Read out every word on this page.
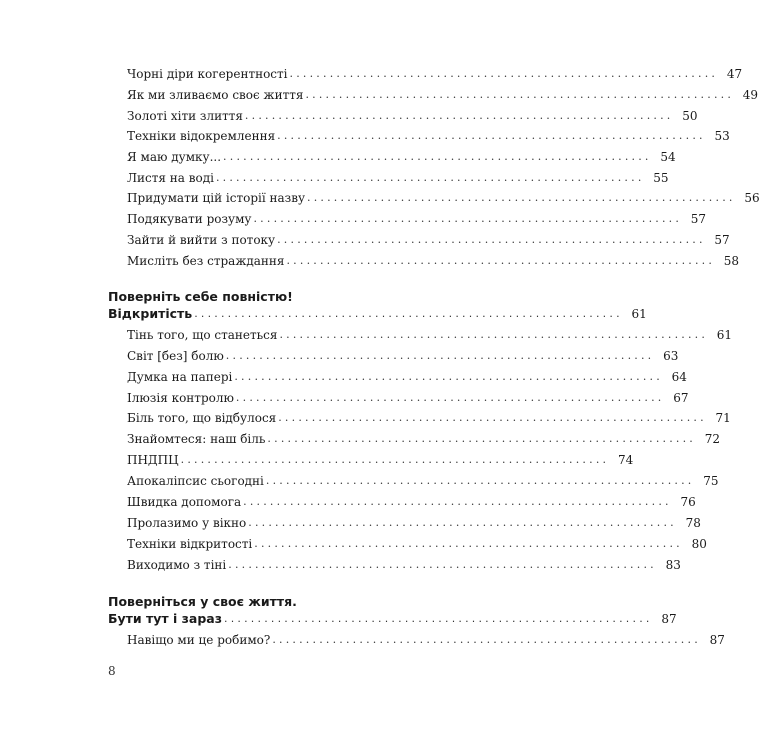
Чорні діри когерентності ................................................................ 47
Як ми зливаємо своє життя ................................................................ 49
Золоті хіти злиття ................................................................ 50
Техніки відокремлення ................................................................ 53
Я маю думку... ................................................................ 54
Листя на воді ................................................................ 55
Придумати цій історії назву ................................................................ 56
Подякувати розуму ................................................................ 57
Зайти й вийти з потоку ................................................................ 57
Мисліть без страждання ................................................................ 58
Поверніть себе повністю!
Відкритість ................................................................ 61
Тінь того, що станеться ................................................................ 61
Світ [без] болю ................................................................ 63
Думка на папері ................................................................ 64
Ілюзія контролю ................................................................ 67
Біль того, що відбулося ................................................................ 71
Знайомтеся: наш біль ................................................................ 72
ПНДПЦ ................................................................ 74
Апокаліпсис сьогодні ................................................................ 75
Швидка допомога ................................................................ 76
Пролазимо у вікно ................................................................ 78
Техніки відкритості ................................................................ 80
Виходимо з тіні ................................................................ 83
Поверніться у своє життя.
Бути тут і зараз ................................................................ 87
Навіщо ми це робимо? ................................................................ 87
8
